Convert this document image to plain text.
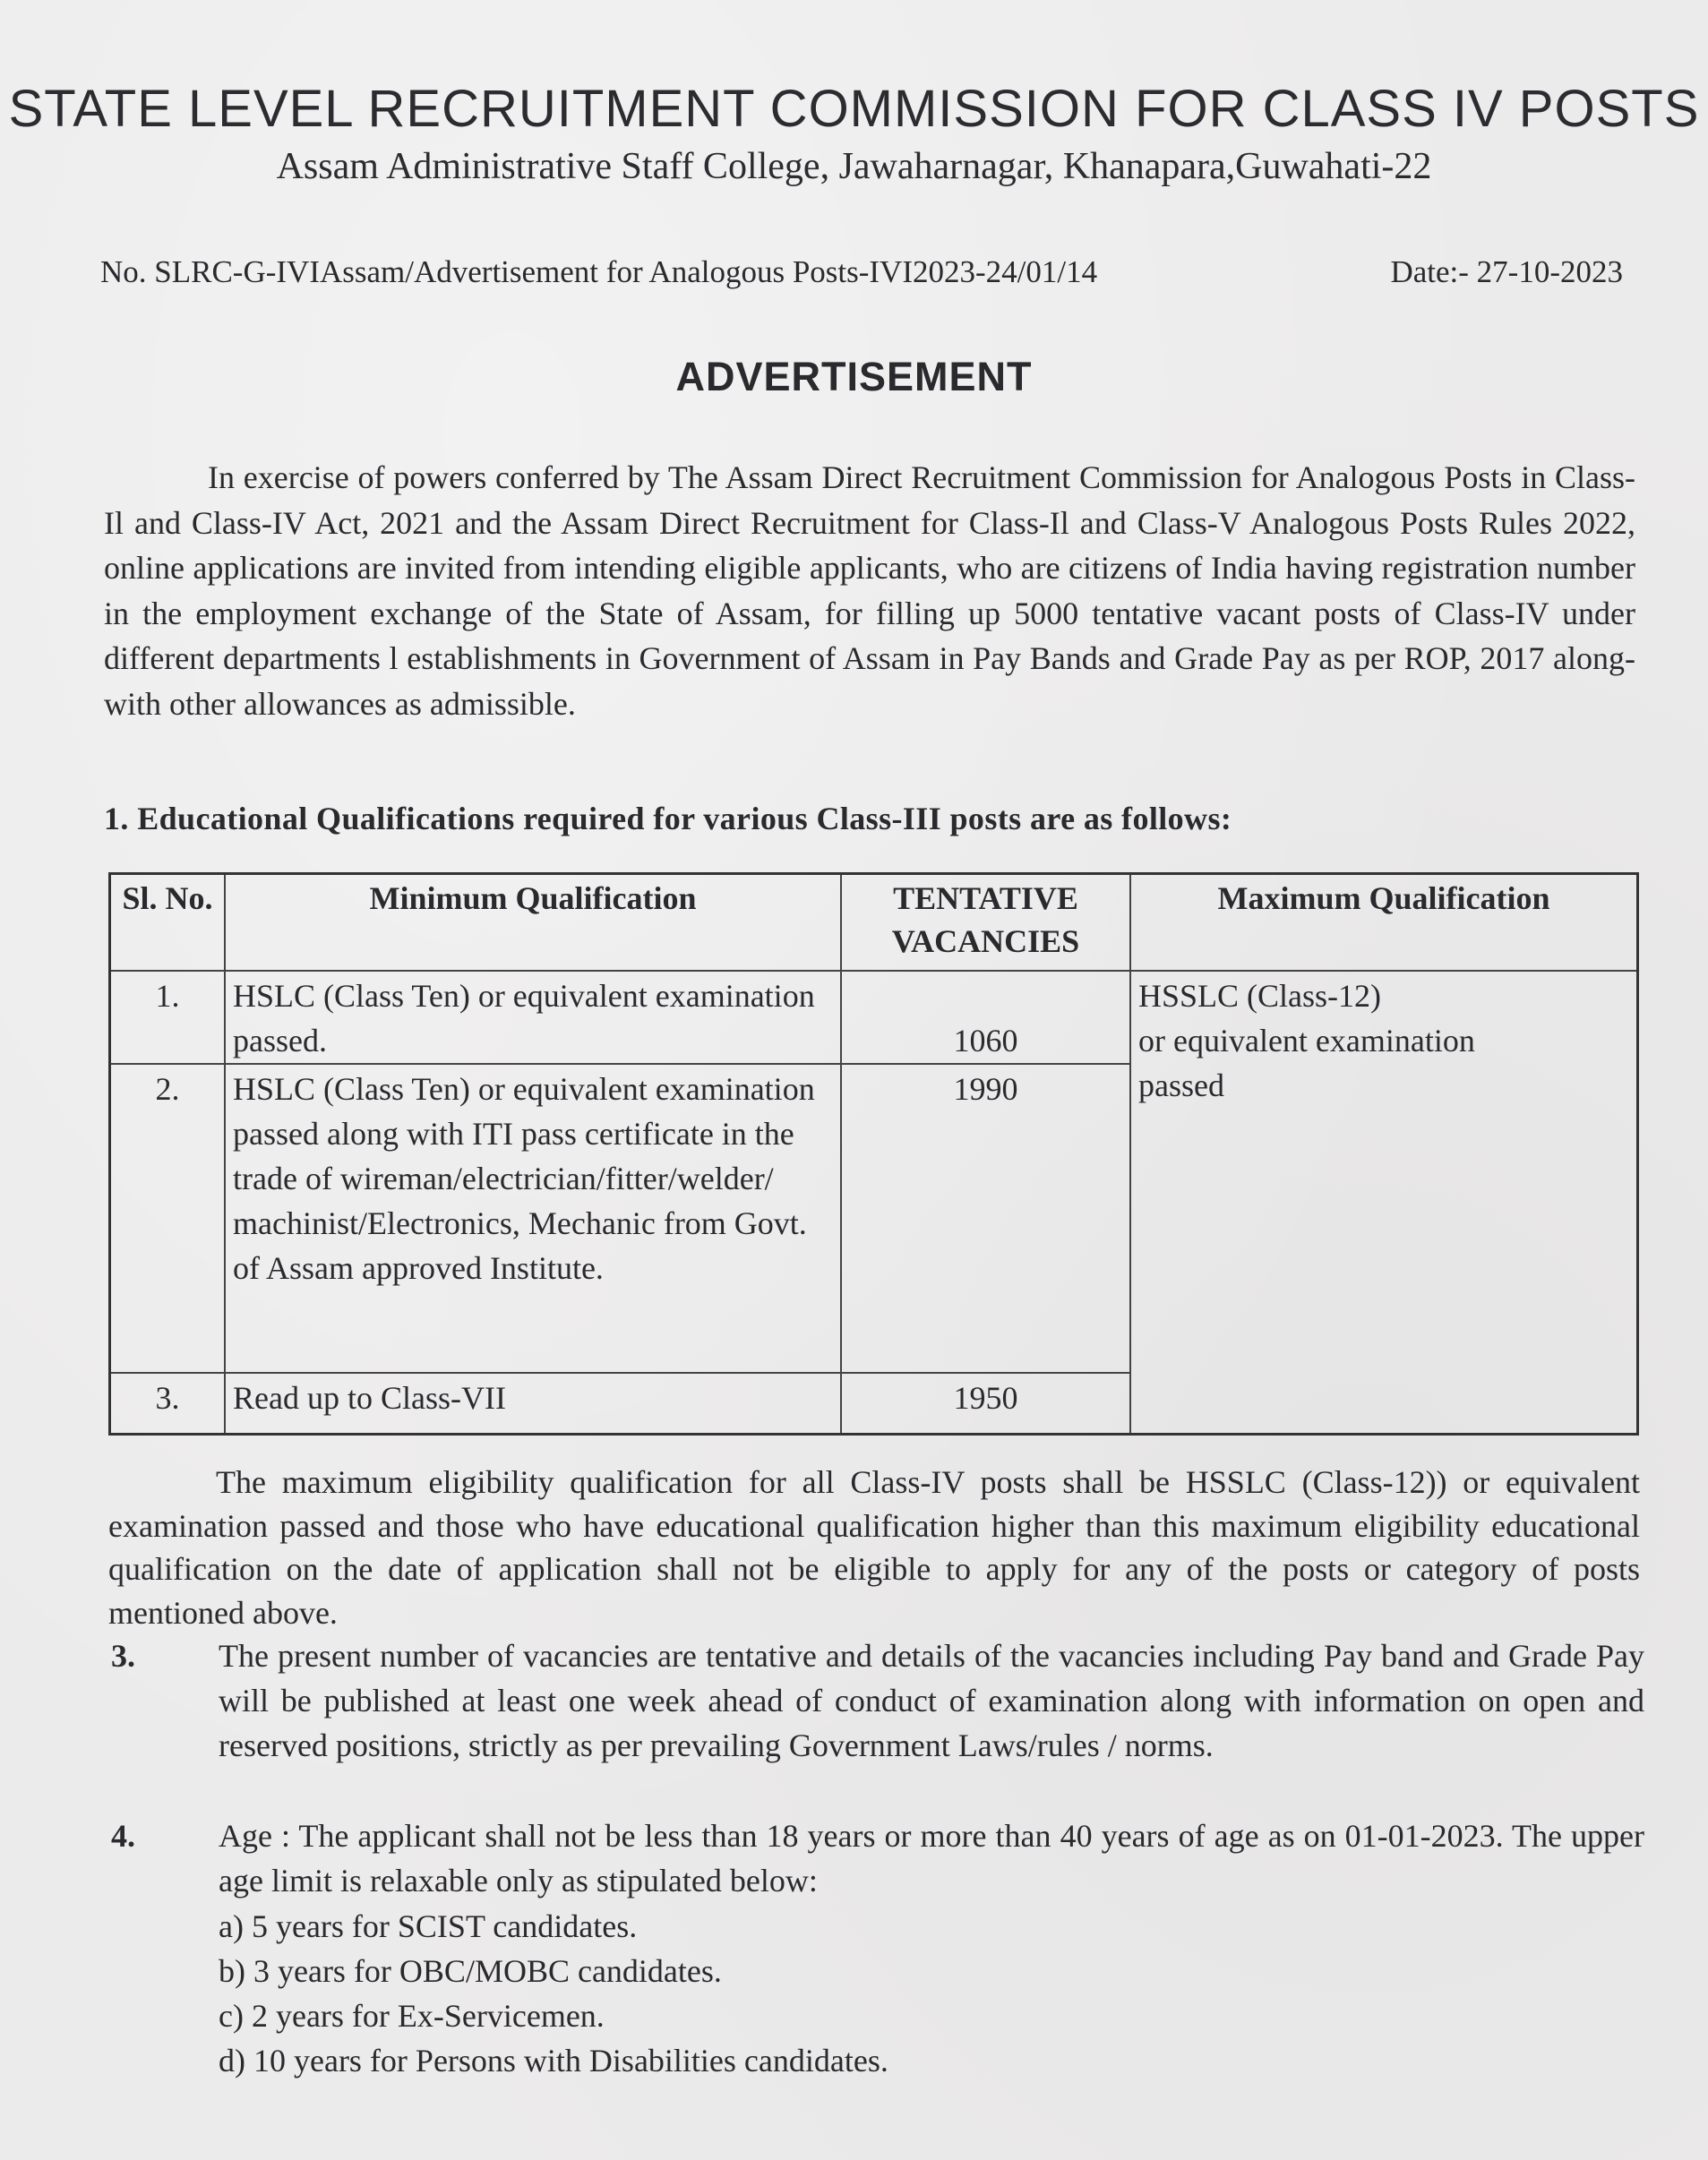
STATE LEVEL RECRUITMENT COMMISSION FOR CLASS IV POSTS
Assam Administrative Staff College, Jawaharnagar, Khanapara,Guwahati-22
No. SLRC-G-IVIAssam/Advertisement for Analogous Posts-IVI2023-24/01/14	Date:- 27-10-2023
ADVERTISEMENT
In exercise of powers conferred by The Assam Direct Recruitment Commission for Analogous Posts in Class-Il and Class-IV Act, 2021 and the Assam Direct Recruitment for Class-Il and Class-V Analogous Posts Rules 2022, online applications are invited from intending eligible applicants, who are citizens of India having registration number in the employment exchange of the State of Assam, for filling up 5000 tentative vacant posts of Class-IV under different departments l establishments in Government of Assam in Pay Bands and Grade Pay as per ROP, 2017 along-with other allowances as admissible.
1. Educational Qualifications required for various Class-III posts are as follows:
Sl. No.	Minimum Qualification	TENTATIVE VACANCIES	Maximum Qualification
1.	HSLC (Class Ten) or equivalent examination passed.	1060	HSSLC (Class-12)
or equivalent examination
passed

2.	HSLC (Class Ten) or equivalent examination passed along with ITI pass certificate in the trade of wireman/electrician/fitter/welder/ machinist/Electronics, Mechanic from Govt. of Assam approved Institute.	1990	
3.	Read up to Class-VII	1950	
The maximum eligibility qualification for all Class-IV posts shall be HSSLC (Class-12)) or equivalent examination passed and those who have educational qualification higher than this maximum eligibility educational qualification on the date of application shall not be eligible to apply for any of the posts or category of posts mentioned above.
3.	The present number of vacancies are tentative and details of the vacancies including Pay band and Grade Pay will be published at least one week ahead of conduct of examination along with information on open and reserved positions, strictly as per prevailing Government Laws/rules / norms.
4.	Age : The applicant shall not be less than 18 years or more than 40 years of age as on 01-01-2023. The upper age limit is relaxable only as stipulated below:
a) 5 years for SCIST candidates.
b) 3 years for OBC/MOBC candidates.
c) 2 years for Ex-Servicemen.
d) 10 years for Persons with Disabilities candidates.
